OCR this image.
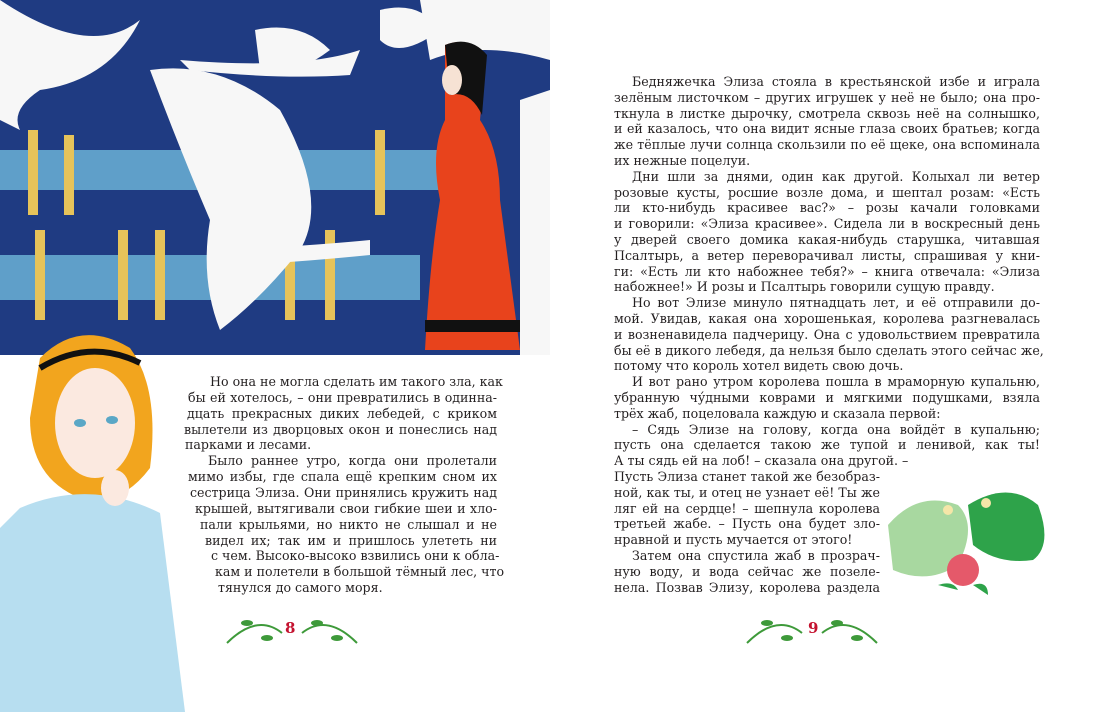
Но она не могла сделать им такого зла, как
бы ей хотелось, – они превратились в одинна-
дцать прекрасных диких лебедей, с криком
вылетели из дворцовых окон и понеслись над
парками и лесами.
Было раннее утро, когда они пролетали
мимо избы, где спала ещё крепким сном их
сестрица Элиза. Они принялись кружить над
крышей, вытягивали свои гибкие шеи и хло-
пали крыльями, но никто не слышал и не
видел их; так им и пришлось улететь ни
с чем. Высоко-высоко взвились они к обла-
кам и полетели в большой тёмный лес, что
тянулся до самого моря.
Бедняжечка Элиза стояла в крестьянской избе и играла
зелёным листочком – других игрушек у неё не было; она про-
ткнула в листке дырочку, смотрела сквозь неё на солнышко,
и ей казалось, что она видит ясные глаза своих братьев; когда
же тёплые лучи солнца скользили по её щеке, она вспоминала
их нежные поцелуи.
Дни шли за днями, один как другой. Колыхал ли ветер
розовые кусты, росшие возле дома, и шептал розам: «Есть
ли кто-нибудь красивее вас?» – розы качали головками
и говорили: «Элиза красивее». Сидела ли в воскресный день
у дверей своего домика какая-нибудь старушка, читавшая
Псалтырь, а ветер переворачивал листы, спрашивая у кни-
ги: «Есть ли кто набожнее тебя?» – книга отвечала: «Элиза
набожнее!» И розы и Псалтырь говорили сущую правду.
Но вот Элизе минуло пятнадцать лет, и её отправили до-
мой. Увидав, какая она хорошенькая, королева разгневалась
и возненавидела падчерицу. Она с удовольствием превратила
бы её в дикого лебедя, да нельзя было сделать этого сейчас же,
потому что король хотел видеть свою дочь.
И вот рано утром королева пошла в мраморную купальню,
убранную чу́дными коврами и мягкими подушками, взяла
трёх жаб, поцеловала каждую и сказала первой:
– Сядь Элизе на голову, когда она войдёт в купальню;
пусть она сделается такою же тупой и ленивой, как ты!
А ты сядь ей на лоб! – сказала она другой. –
Пусть Элиза станет такой же безобраз-
ной, как ты, и отец не узнает её! Ты же
ляг ей на сердце! – шепнула королева
третьей жабе. – Пусть она будет зло-
нравной и пусть мучается от этого!
Затем она спустила жаб в прозрач-
ную воду, и вода сейчас же позеле-
нела. Позвав Элизу, королева раздела
8	9
